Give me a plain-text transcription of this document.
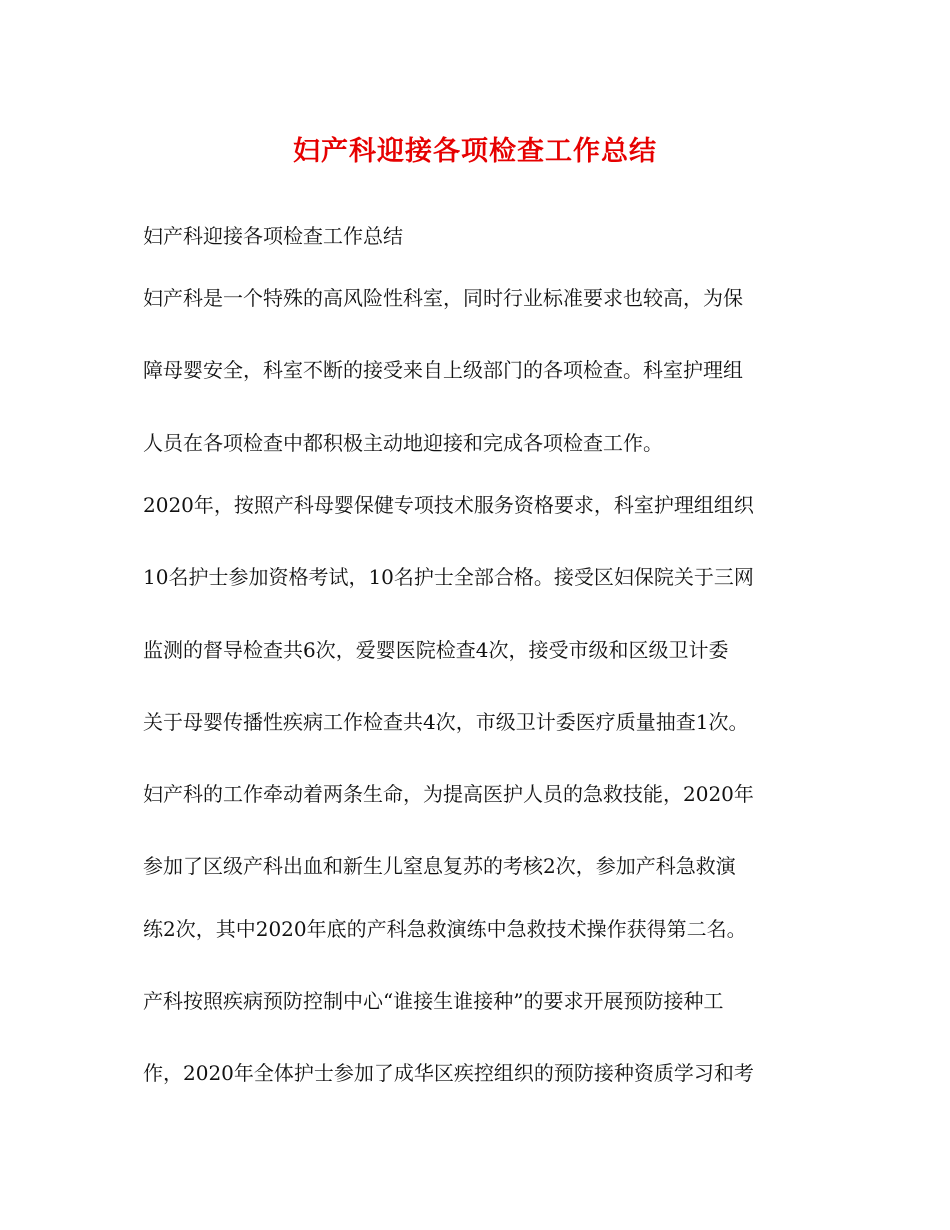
妇产科迎接各项检查工作总结
妇产科迎接各项检查工作总结
妇产科是一个特殊的高风险性科室，同时行业标准要求也较高，为保
障母婴安全，科室不断的接受来自上级部门的各项检查。科室护理组
人员在各项检查中都积极主动地迎接和完成各项检查工作。
2020年，按照产科母婴保健专项技术服务资格要求，科室护理组组织
10名护士参加资格考试，10名护士全部合格。接受区妇保院关于三网
监测的督导检查共6次，爱婴医院检查4次，接受市级和区级卫计委
关于母婴传播性疾病工作检查共4次，市级卫计委医疗质量抽查1次。
妇产科的工作牵动着两条生命，为提高医护人员的急救技能，2020年
参加了区级产科出血和新生儿窒息复苏的考核2次，参加产科急救演
练2次，其中2020年底的产科急救演练中急救技术操作获得第二名。
产科按照疾病预防控制中心“谁接生谁接种”的要求开展预防接种工
作，2020年全体护士参加了成华区疾控组织的预防接种资质学习和考
